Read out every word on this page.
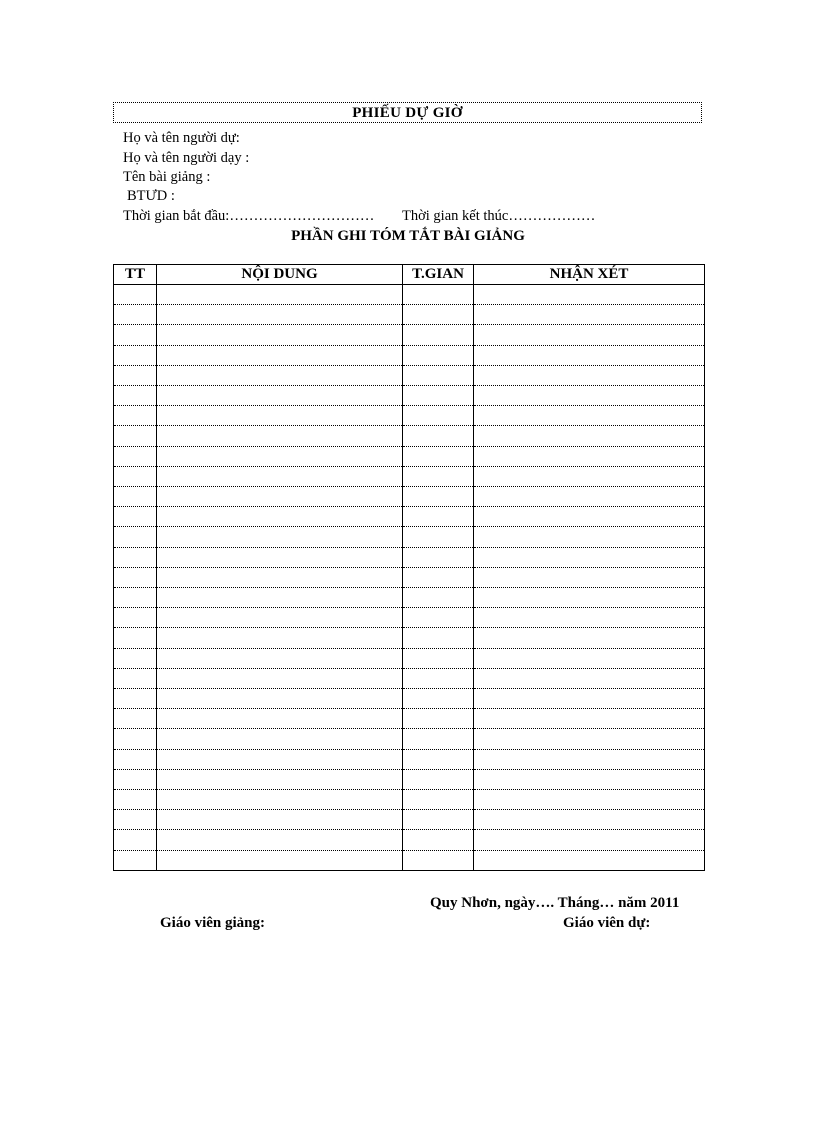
PHIẾU DỰ GIỜ
Họ và tên người dự:
Họ và tên người dạy :
Tên bài giảng :
BTƯD :
Thời gian bắt đầu:………………………… Thời gian kết thúc………………
PHẦN GHI TÓM TẮT BÀI GIẢNG
TT	NỘI DUNG	T.GIAN	NHẬN XÉT

Quy Nhơn, ngày…. Tháng… năm 2011
Giáo viên giảng:	Giáo viên dự:
